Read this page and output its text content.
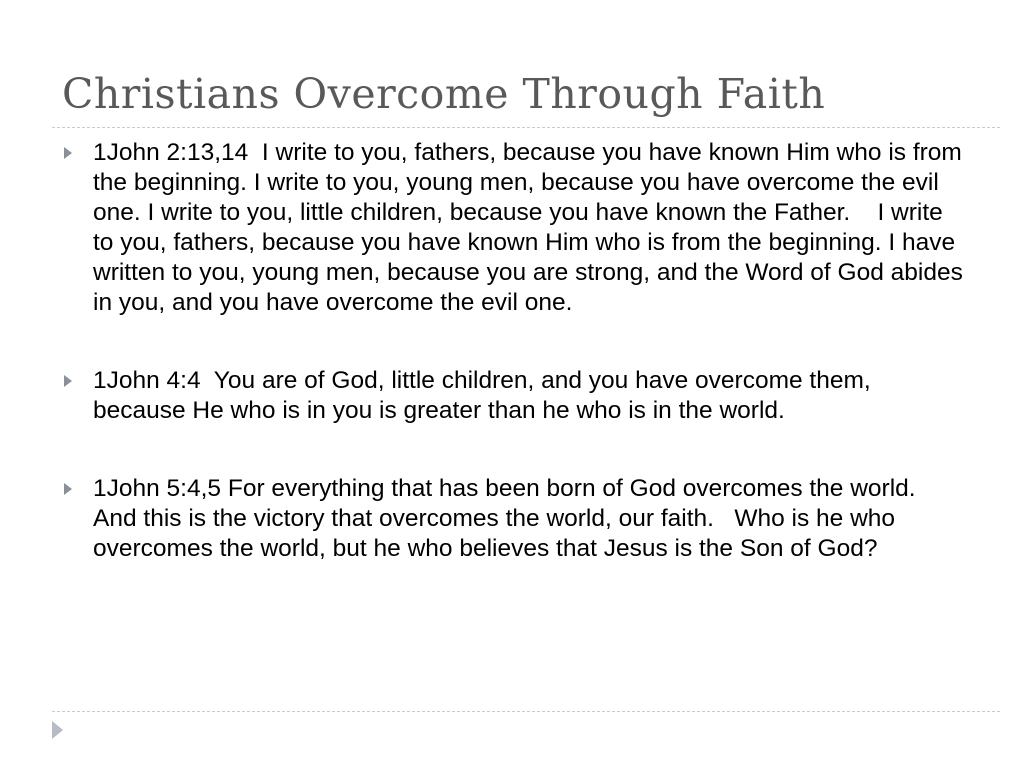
Christians Overcome Through Faith
1John 2:13,14  I write to you, fathers, because you have known Him who is from the beginning. I write to you, young men, because you have overcome the evil one. I write to you, little children, because you have known the Father.    I write to you, fathers, because you have known Him who is from the beginning. I have written to you, young men, because you are strong, and the Word of God abides in you, and you have overcome the evil one.
1John 4:4  You are of God, little children, and you have overcome them, because He who is in you is greater than he who is in the world.
1John 5:4,5 For everything that has been born of God overcomes the world. And this is the victory that overcomes the world, our faith.   Who is he who overcomes the world, but he who believes that Jesus is the Son of God?
